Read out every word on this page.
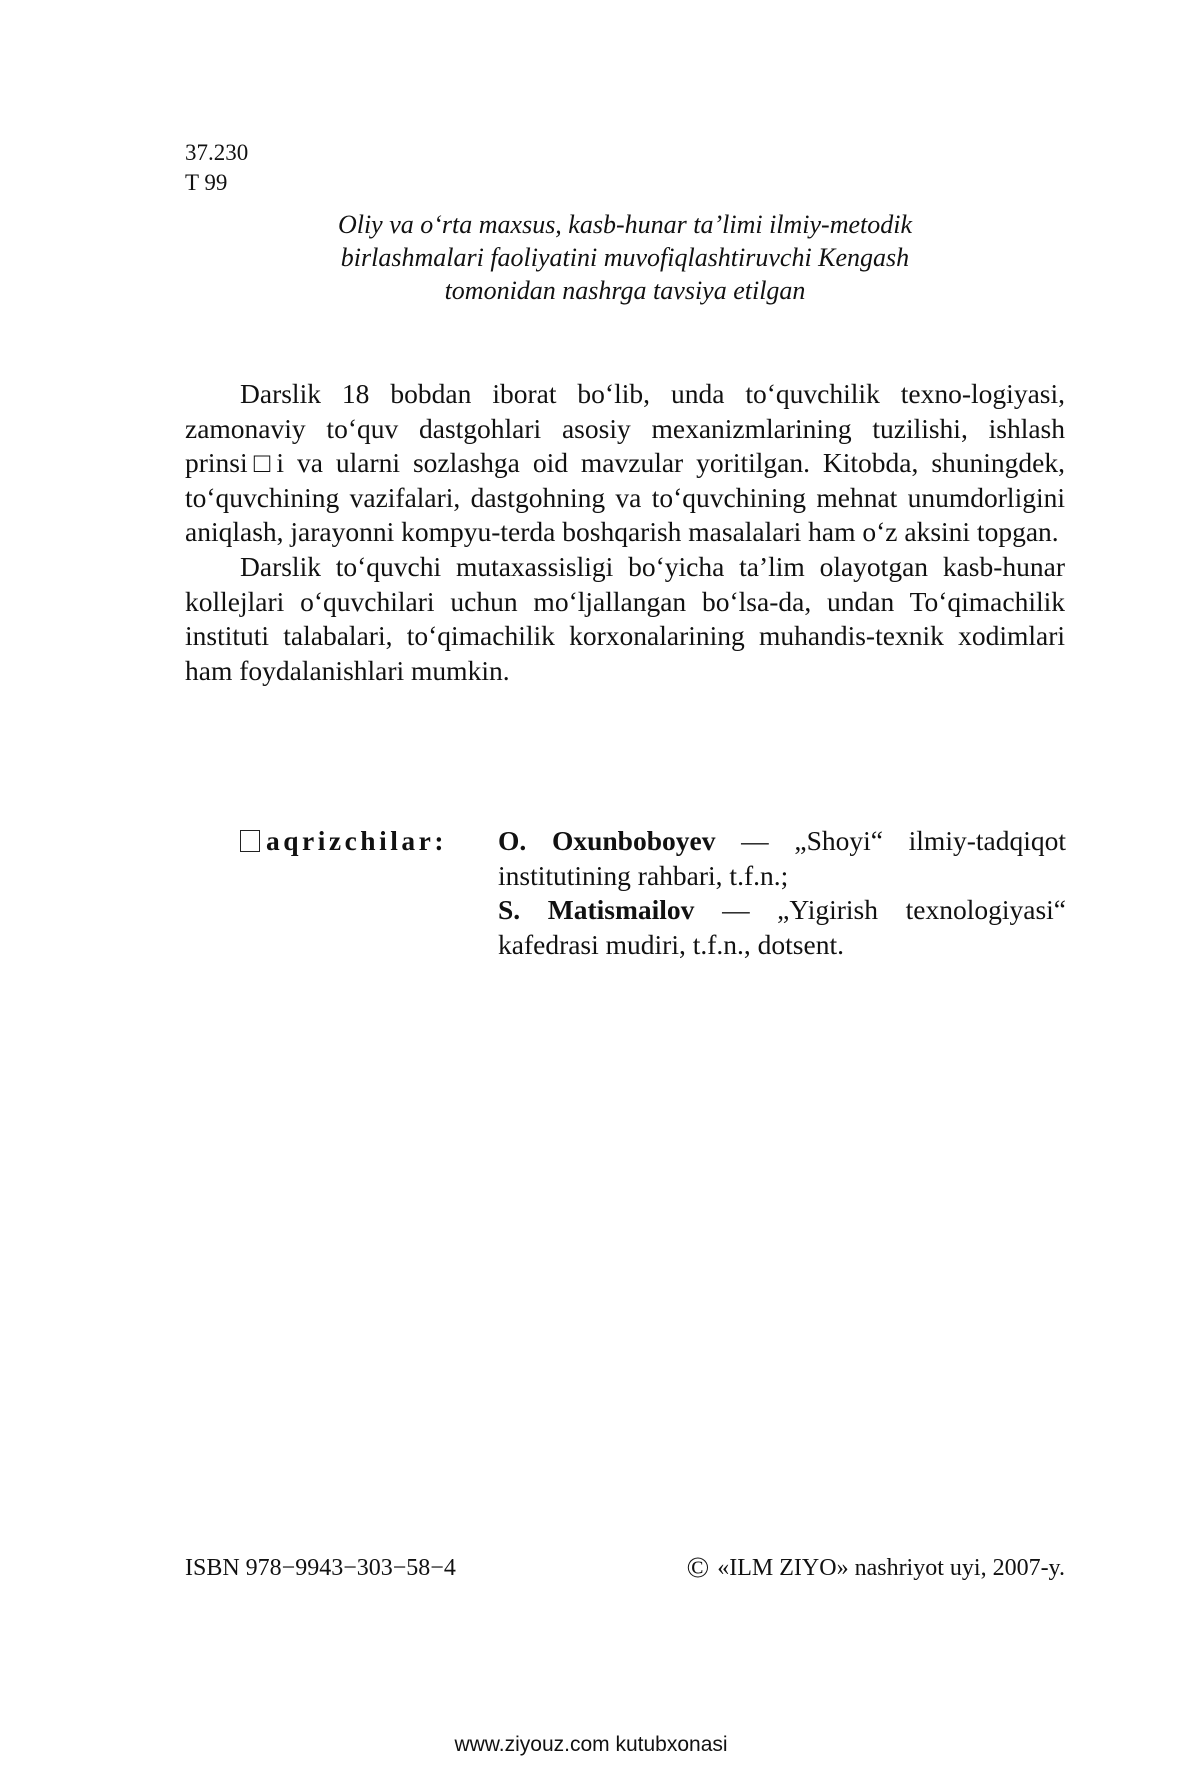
37.230
T 99
Oliy va o‘rta maxsus, kasb-hunar ta’limi ilmiy-metodik
birlashmalari faoliyatini muvofiqlashtiruvchi Kengash
tomonidan nashrga tavsiya etilgan

Darslik 18 bobdan iborat bo‘lib, unda to‘quvchilik texno-logiyasi, zamonaviy to‘quv dastgohlari asosiy mexanizmlarining tuzilishi, ishlash prinsi□i va ularni sozlashga oid mavzular yoritilgan. Kitobda, shuningdek, to‘quvchining vazifalari, dastgohning va to‘quvchining mehnat unumdorligini aniqlash, jarayonni kompyu-terda boshqarish masalalari ham o‘z aksini topgan.

Darslik to‘quvchi mutaxassisligi bo‘yicha ta’lim olayotgan kasb-hunar kollejlari o‘quvchilari uchun mo‘ljallangan bo‘lsa-da, undan To‘qimachilik instituti talabalari, to‘qimachilik korxonalarining muhandis-texnik xodimlari ham foydalanishlari mumkin.

aqrizchilar: O. Oxunboboyev — „Shoyi“ ilmiy-tadqiqot

institutining rahbari, t.f.n.;

S. Matismailov — „Yigirish texnologiyasi“

kafedrasi mudiri, t.f.n., dotsent.

ISBN 978−9943−303−58−4	© «ILM ZIYO» nashriyot uyi, 2007-y.
www.ziyouz.com kutubxonasi
